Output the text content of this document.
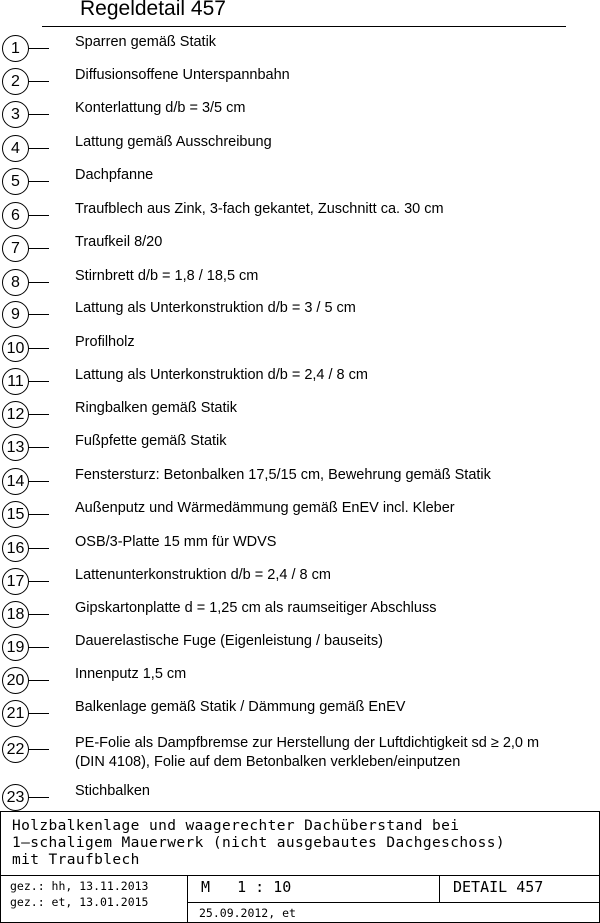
Regeldetail 457
1	Sparren gemäß Statik
2	Diffusionsoffene Unterspannbahn
3	Konterlattung d/b = 3/5 cm
4	Lattung gemäß Ausschreibung
5	Dachpfanne
6	Traufblech aus Zink, 3-fach gekantet, Zuschnitt ca. 30 cm
7	Traufkeil 8/20
8	Stirnbrett d/b = 1,8 / 18,5 cm
9	Lattung als Unterkonstruktion d/b = 3 / 5 cm
10	Profilholz
11	Lattung als Unterkonstruktion d/b = 2,4 / 8 cm
12	Ringbalken gemäß Statik
13	Fußpfette gemäß Statik
14	Fenstersturz: Betonbalken 17,5/15 cm, Bewehrung gemäß Statik
15	Außenputz und Wärmedämmung gemäß EnEV incl. Kleber
16	OSB/3-Platte 15 mm für WDVS
17	Lattenunterkonstruktion d/b = 2,4 / 8 cm
18	Gipskartonplatte d = 1,25 cm als raumseitiger Abschluss
19	Dauerelastische Fuge (Eigenleistung / bauseits)
20	Innenputz 1,5 cm
21	Balkenlage gemäß Statik / Dämmung gemäß EnEV
22	PE-Folie als Dampfbremse zur Herstellung der Luftdichtigkeit sd ≥ 2,0 m
(DIN 4108), Folie auf dem Betonbalken verkleben/einputzen
23	Stichbalken
Holzbalkenlage und waagerechter Dachüberstand bei
1—schaligem Mauerwerk (nicht ausgebautes Dachgeschoss)
mit Traufblech
gez.: hh, 13.11.2013
gez.: et, 13.01.2015
M   1 : 10	DETAIL 457
25.09.2012, et
